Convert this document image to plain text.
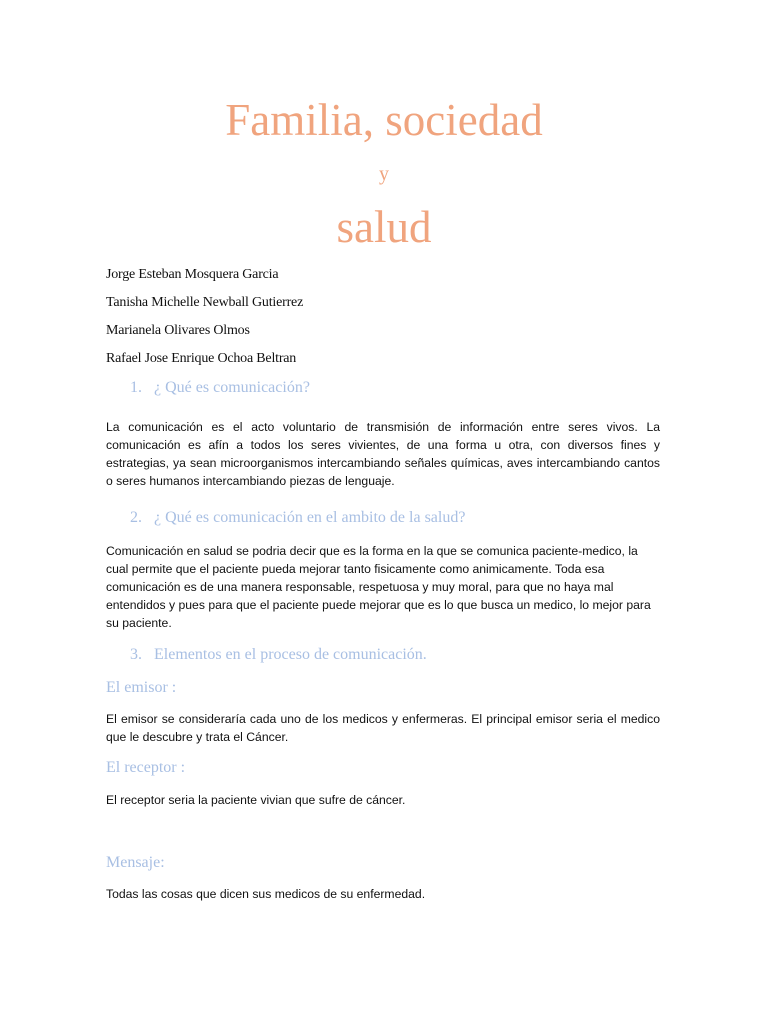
Familia, sociedad
y
salud
Jorge Esteban Mosquera Garcia
Tanisha Michelle Newball Gutierrez
Marianela Olivares Olmos
Rafael Jose Enrique Ochoa Beltran
1. ¿ Qué es comunicación?
La comunicación es el acto voluntario de transmisión de información entre seres vivos. La comunicación es afín a todos los seres vivientes, de una forma u otra, con diversos fines y estrategias, ya sean microorganismos intercambiando señales químicas, aves intercambiando cantos o seres humanos intercambiando piezas de lenguaje.
2. ¿ Qué es comunicación en el ambito de la salud?
Comunicación en salud se podria decir que es la forma en la que se comunica paciente-medico, la cual permite que el paciente pueda mejorar tanto fisicamente como animicamente. Toda esa comunicación es de una manera responsable, respetuosa y muy moral, para que no haya mal entendidos y pues para que el paciente puede mejorar que es lo que busca un medico, lo mejor para su paciente.
3. Elementos en el proceso de comunicación.
El emisor :
El emisor se consideraría cada uno de los medicos y enfermeras. El principal emisor seria el medico que le descubre y trata el Cáncer.
El receptor :
El receptor seria la paciente vivian que sufre de cáncer.
Mensaje:
Todas las cosas que dicen sus medicos de su enfermedad.
